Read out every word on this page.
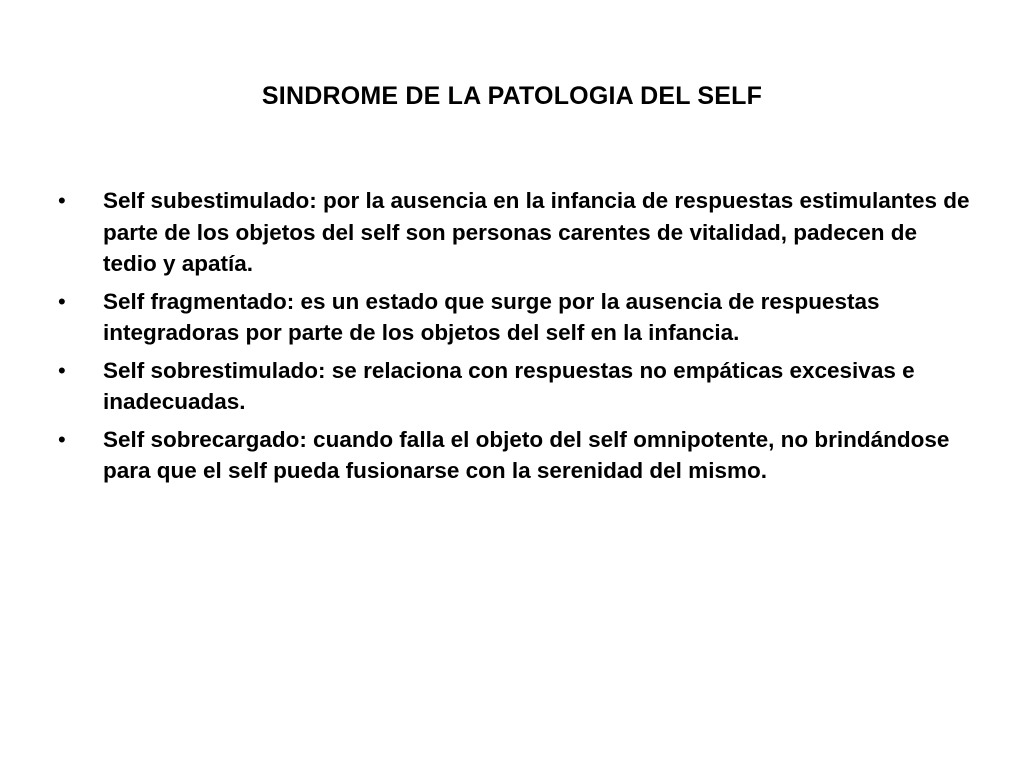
SINDROME DE LA PATOLOGIA DEL SELF
•	Self subestimulado: por la ausencia en la infancia de respuestas estimulantes de parte de los objetos del self son personas carentes de vitalidad, padecen de tedio y apatía.
•	Self fragmentado: es un estado que surge por la ausencia de respuestas integradoras por parte de los objetos del self en la infancia.
•	Self sobrestimulado: se relaciona con respuestas no empáticas excesivas e inadecuadas.
•	Self sobrecargado: cuando falla el objeto del self omnipotente, no brindándose para que el self pueda fusionarse con la serenidad del mismo.
